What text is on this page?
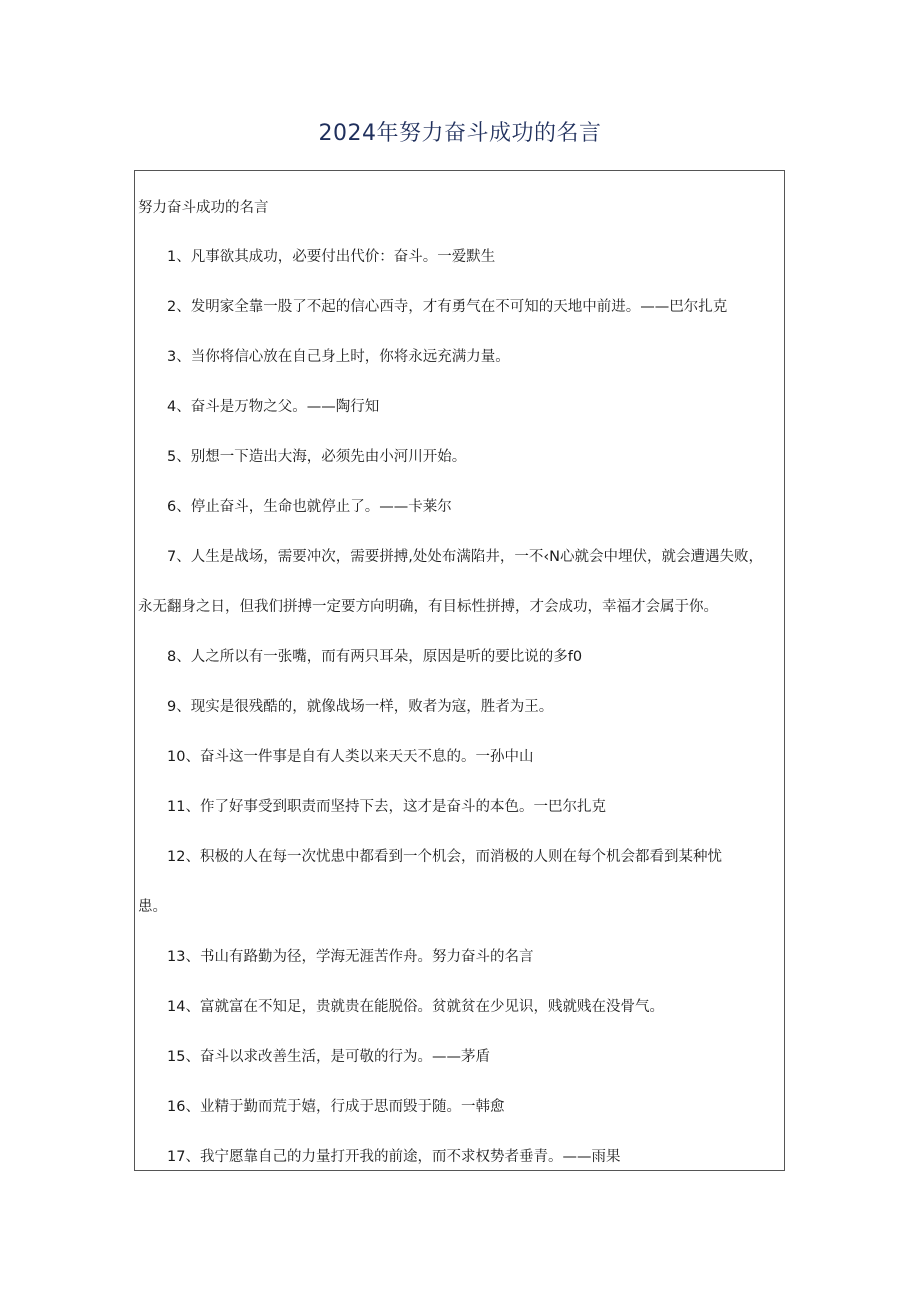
2024年努力奋斗成功的名言
努力奋斗成功的名言
1、凡事欲其成功，必要付出代价：奋斗。一爱默生
2、发明家全靠一股了不起的信心西寺，才有勇气在不可知的天地中前进。——巴尔扎克
3、当你将信心放在自己身上时，你将永远充满力量。
4、奋斗是万物之父。——陶行知
5、别想一下造出大海，必须先由小河川开始。
6、停止奋斗，生命也就停止了。——卡莱尔
7、人生是战场，需要冲次，需要拼搏,处处布满陷井，一不‹N心就会中埋伏，就会遭遇失败，
永无翻身之日，但我们拼搏一定要方向明确，有目标性拼搏，才会成功，幸福才会属于你。
8、人之所以有一张嘴，而有两只耳朵，原因是听的要比说的多f0
9、现实是很残酷的，就像战场一样，败者为寇，胜者为王。
10、奋斗这一件事是自有人类以来天天不息的。一孙中山
11、作了好事受到职责而坚持下去，这才是奋斗的本色。一巴尔扎克
12、积极的人在每一次忧患中都看到一个机会，而消极的人则在每个机会都看到某种忧
患。
13、书山有路勤为径，学海无涯苦作舟。努力奋斗的名言
14、富就富在不知足，贵就贵在能脱俗。贫就贫在少见识，贱就贱在没骨气。
15、奋斗以求改善生活，是可敬的行为。——茅盾
16、业精于勤而荒于嬉，行成于思而毁于随。一韩愈
17、我宁愿靠自己的力量打开我的前途，而不求权势者垂青。——雨果
